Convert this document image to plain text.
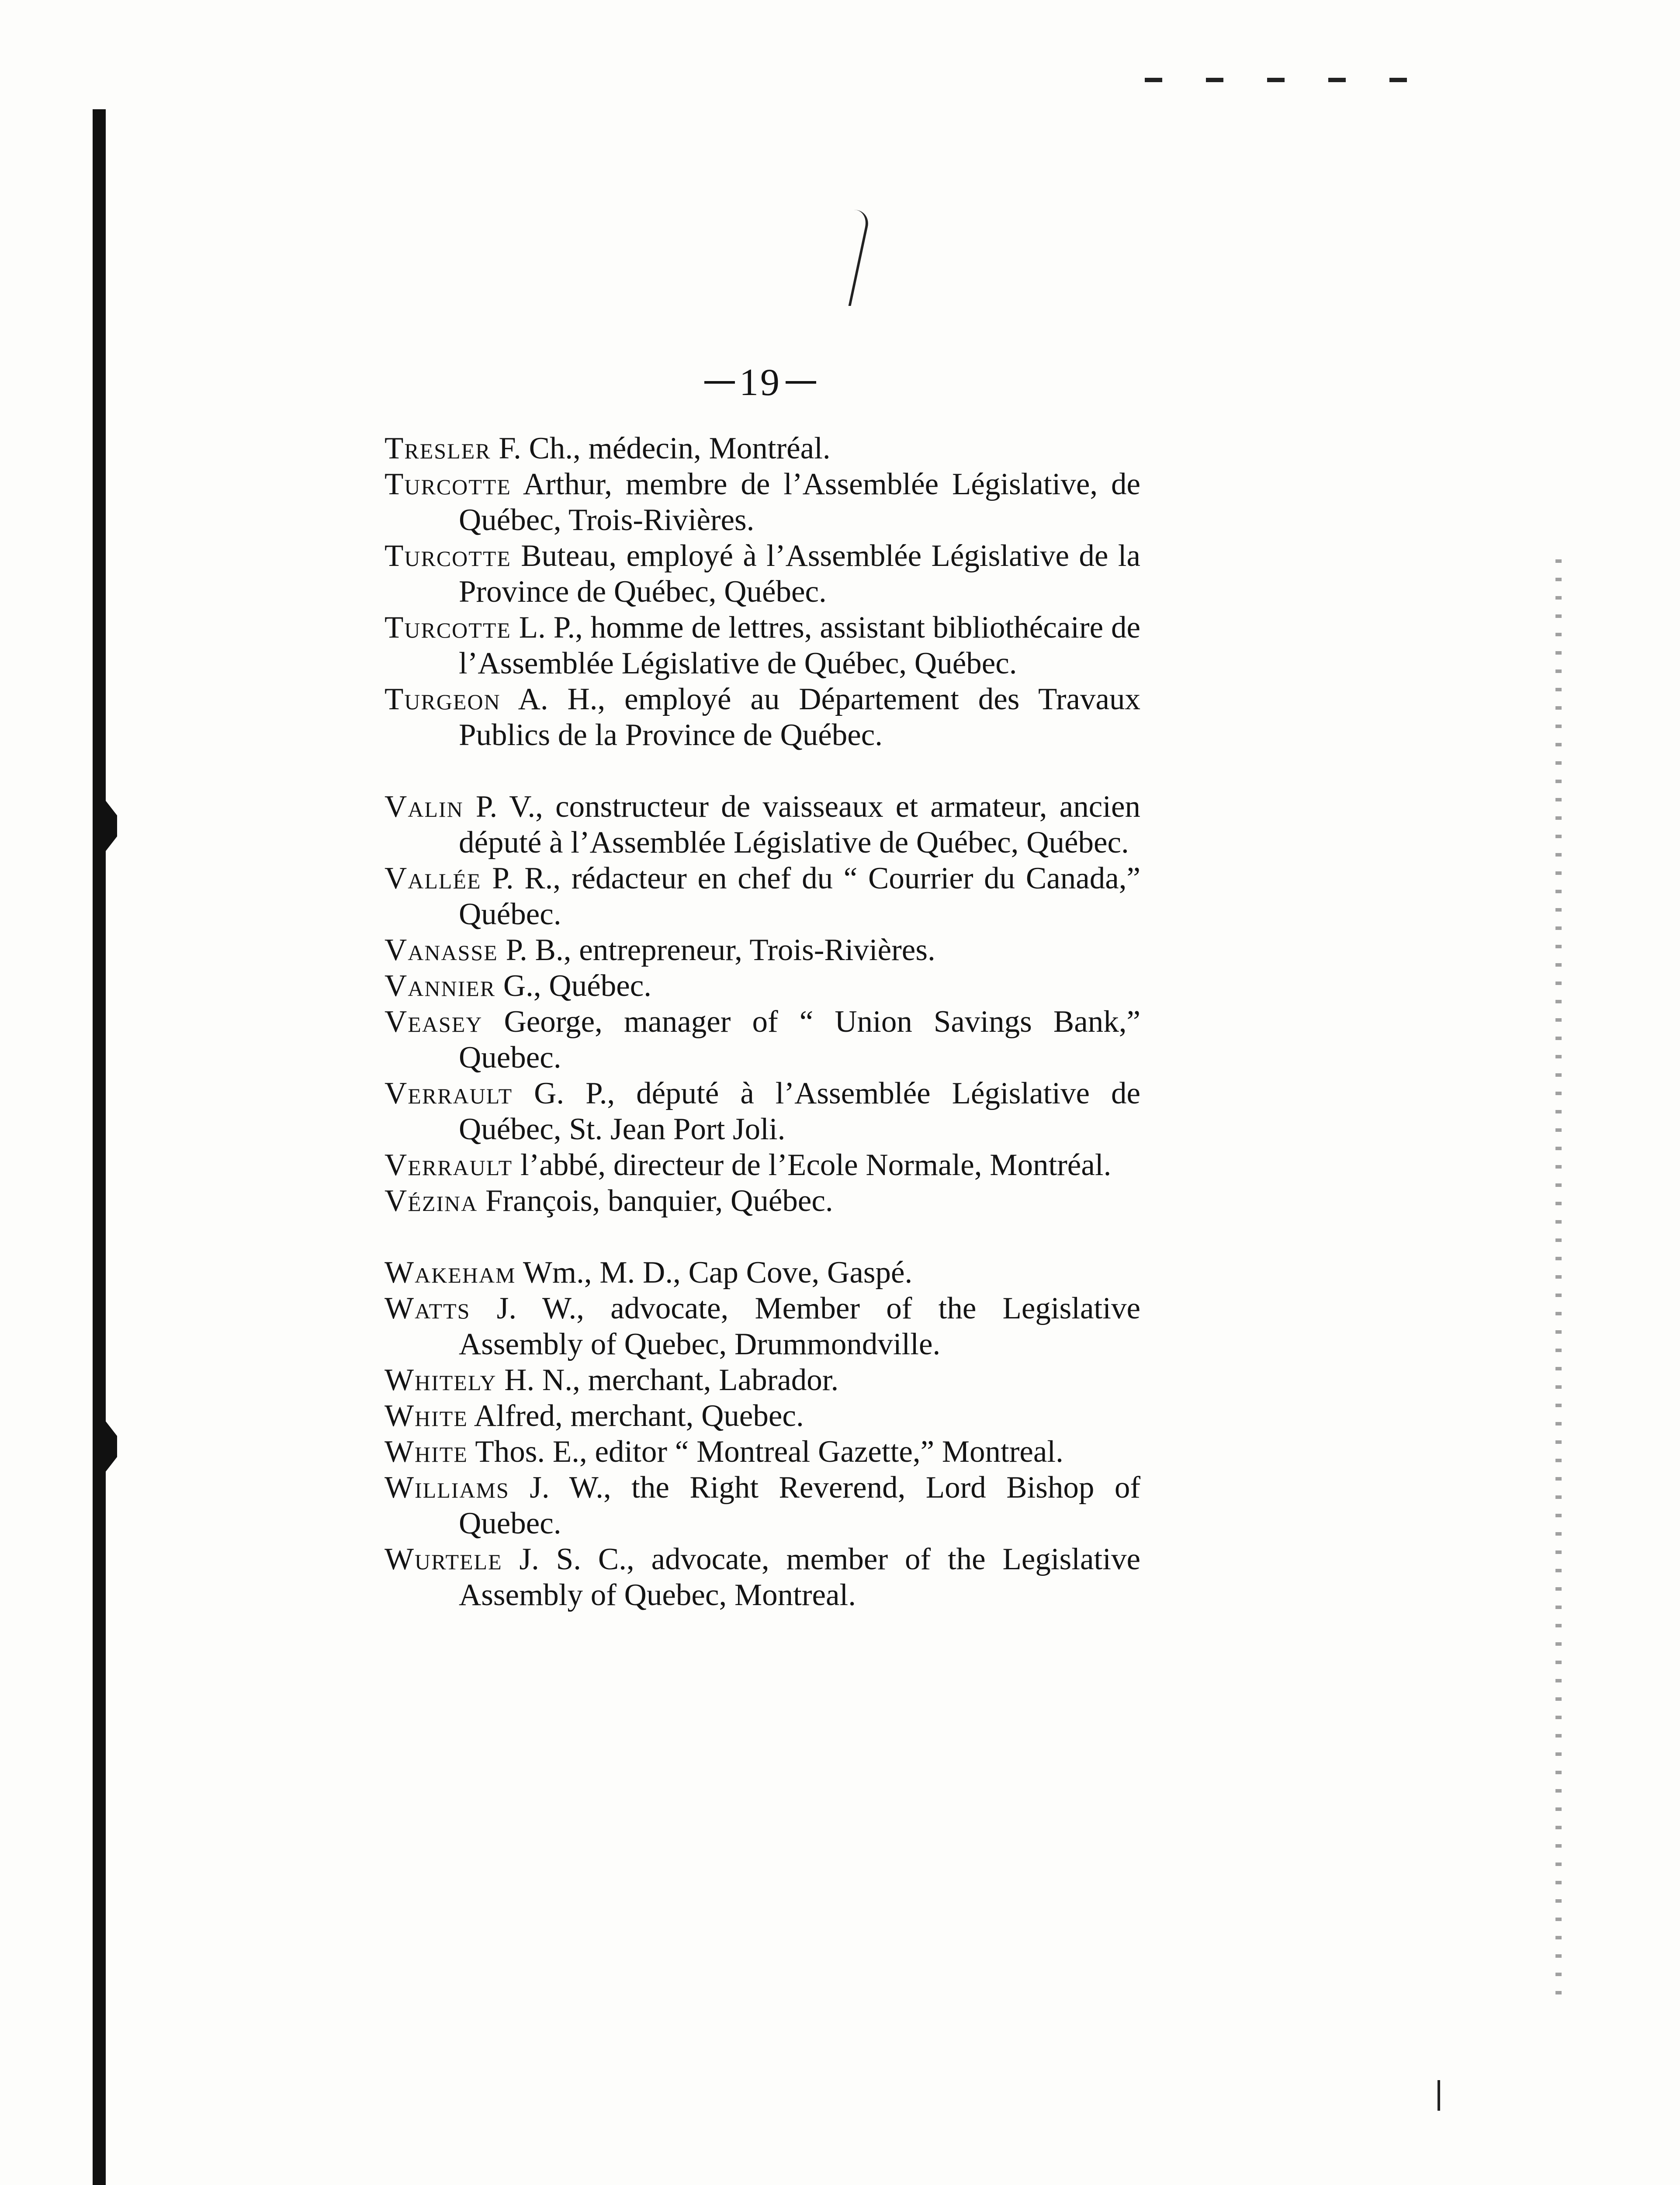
19
Tresler F. Ch., médecin, Montréal.
Turcotte Arthur, membre de l’Assemblée Législative, de Québec, Trois-Rivières.
Turcotte Buteau, employé à l’Assemblée Législative de la Province de Québec, Québec.
Turcotte L. P., homme de lettres, assistant bibliothécaire de l’Assemblée Législative de Québec, Québec.
Turgeon A. H., employé au Département des Travaux Publics de la Province de Québec.
Valin P. V., constructeur de vaisseaux et armateur, ancien député à l’Assemblée Législative de Québec, Québec.
Vallée P. R., rédacteur en chef du “ Courrier du Canada,” Québec.
Vanasse P. B., entrepreneur, Trois-Rivières.
Vannier G., Québec.
Veasey George, manager of “ Union Savings Bank,” Quebec.
Verrault G. P., député à l’Assemblée Législative de Québec, St. Jean Port Joli.
Verrault l’abbé, directeur de l’Ecole Normale, Montréal.
Vézina François, banquier, Québec.
Wakeham Wm., M. D., Cap Cove, Gaspé.
Watts J. W., advocate, Member of the Legislative Assembly of Quebec, Drummondville.
Whitely H. N., merchant, Labrador.
White Alfred, merchant, Quebec.
White Thos. E., editor “ Montreal Gazette,” Montreal.
Williams J. W., the Right Reverend, Lord Bishop of Quebec.
Wurtele J. S. C., advocate, member of the Legislative Assembly of Quebec, Montreal.
